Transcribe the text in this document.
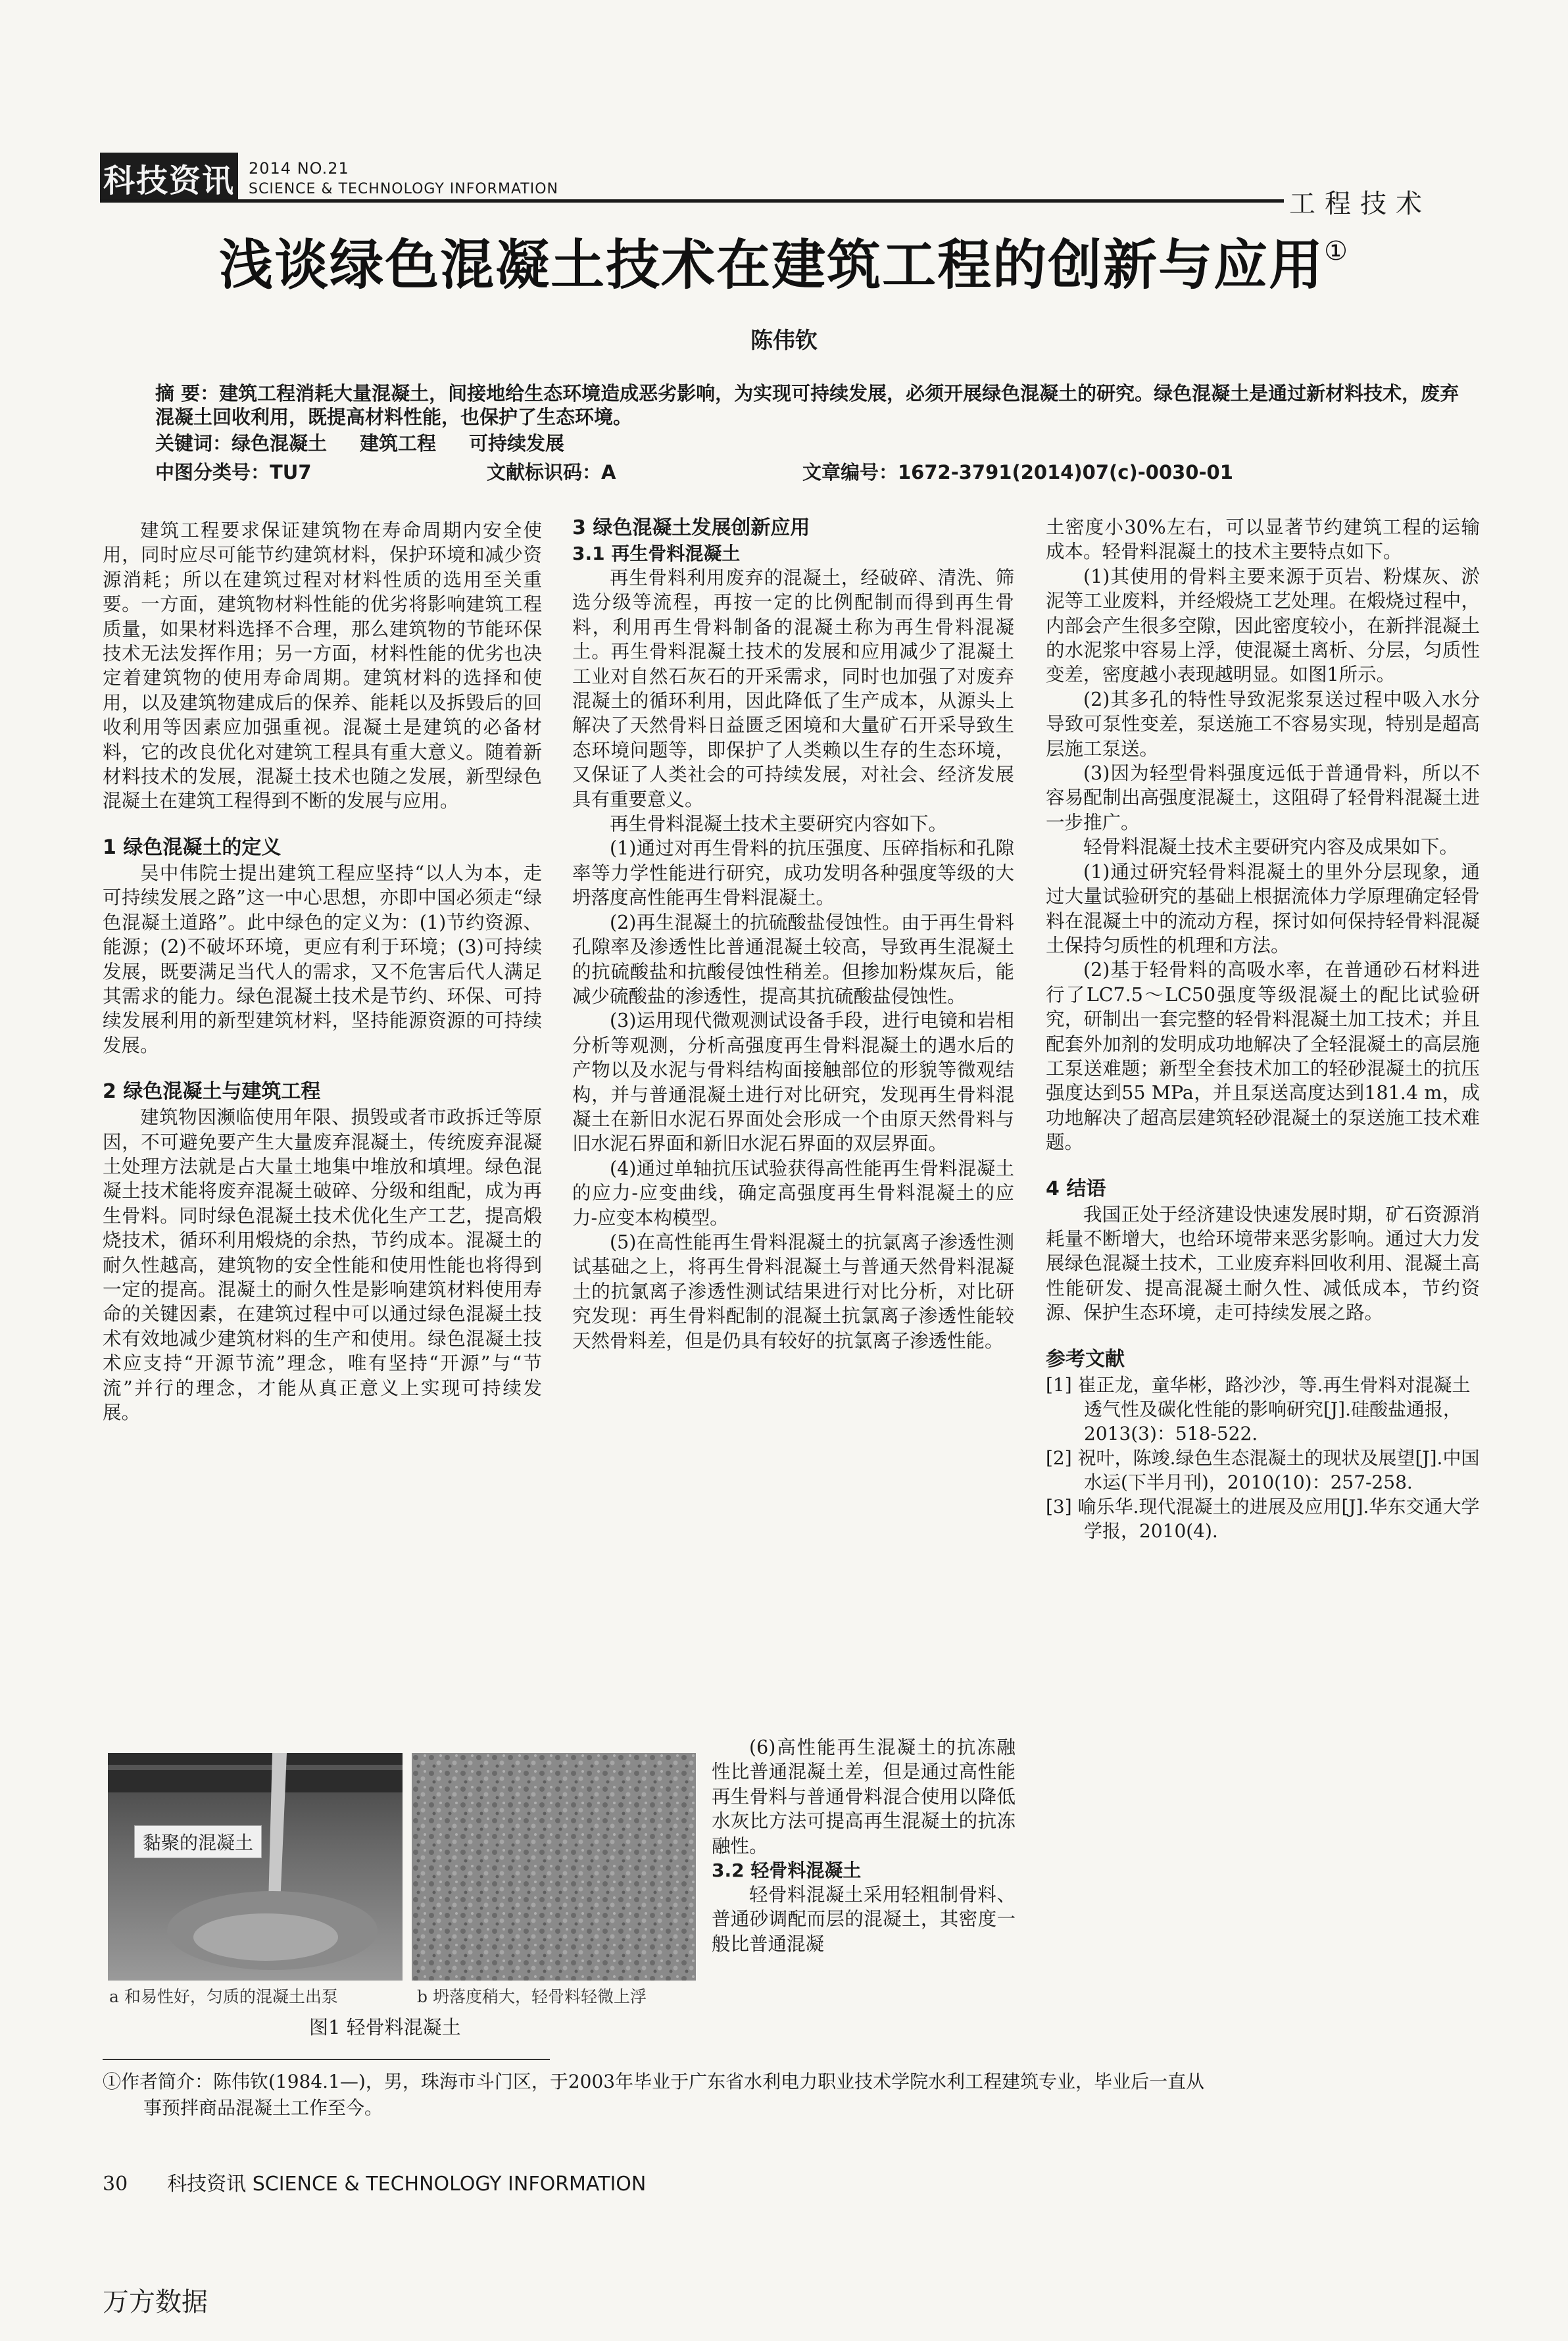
科技资讯 2014 NO.21
SCIENCE & TECHNOLOGY INFORMATION	工程技术
浅谈绿色混凝土技术在建筑工程的创新与应用①
陈伟钦
摘 要：建筑工程消耗大量混凝土，间接地给生态环境造成恶劣影响，为实现可持续发展，必须开展绿色混凝土的研究。绿色混凝土是通过新材料技术，废弃混凝土回收利用，既提高材料性能，也保护了生态环境。
关键词：绿色混凝土 建筑工程 可持续发展
中图分类号：TU7	文献标识码：A	文章编号：1672-3791(2014)07(c)-0030-01

建筑工程要求保证建筑物在寿命周期内安全使用，同时应尽可能节约建筑材料，保护环境和减少资源消耗；所以在建筑过程对材料性质的选用至关重要。一方面，建筑物材料性能的优劣将影响建筑工程质量，如果材料选择不合理，那么建筑物的节能环保技术无法发挥作用；另一方面，材料性能的优劣也决定着建筑物的使用寿命周期。建筑材料的选择和使用，以及建筑物建成后的保养、能耗以及拆毁后的回收利用等因素应加强重视。混凝土是建筑的必备材料，它的改良优化对建筑工程具有重大意义。随着新材料技术的发展，混凝土技术也随之发展，新型绿色混凝土在建筑工程得到不断的发展与应用。

1 绿色混凝土的定义

吴中伟院士提出建筑工程应坚持“以人为本，走可持续发展之路”这一中心思想，亦即中国必须走“绿色混凝土道路”。此中绿色的定义为：(1)节约资源、能源；(2)不破坏环境，更应有利于环境；(3)可持续发展，既要满足当代人的需求，又不危害后代人满足其需求的能力。绿色混凝土技术是节约、环保、可持续发展利用的新型建筑材料，坚持能源资源的可持续发展。

2 绿色混凝土与建筑工程

建筑物因濒临使用年限、损毁或者市政拆迁等原因，不可避免要产生大量废弃混凝土，传统废弃混凝土处理方法就是占大量土地集中堆放和填埋。绿色混凝土技术能将废弃混凝土破碎、分级和组配，成为再生骨料。同时绿色混凝土技术优化生产工艺，提高煅烧技术，循环利用煅烧的余热，节约成本。混凝土的耐久性越高，建筑物的安全性能和使用性能也将得到一定的提高。混凝土的耐久性是影响建筑材料使用寿命的关键因素，在建筑过程中可以通过绿色混凝土技术有效地减少建筑材料的生产和使用。绿色混凝土技术应支持“开源节流”理念，唯有坚持“开源”与“节流”并行的理念，才能从真正意义上实现可持续发展。

3 绿色混凝土发展创新应用
3.1 再生骨料混凝土

再生骨料利用废弃的混凝土，经破碎、清洗、筛选分级等流程，再按一定的比例配制而得到再生骨料，利用再生骨料制备的混凝土称为再生骨料混凝土。再生骨料混凝土技术的发展和应用减少了混凝土工业对自然石灰石的开采需求，同时也加强了对废弃混凝土的循环利用，因此降低了生产成本，从源头上解决了天然骨料日益匮乏困境和大量矿石开采导致生态环境问题等，即保护了人类赖以生存的生态环境，又保证了人类社会的可持续发展，对社会、经济发展具有重要意义。

再生骨料混凝土技术主要研究内容如下。

(1)通过对再生骨料的抗压强度、压碎指标和孔隙率等力学性能进行研究，成功发明各种强度等级的大坍落度高性能再生骨料混凝土。

(2)再生混凝土的抗硫酸盐侵蚀性。由于再生骨料孔隙率及渗透性比普通混凝土较高，导致再生混凝土的抗硫酸盐和抗酸侵蚀性稍差。但掺加粉煤灰后，能减少硫酸盐的渗透性，提高其抗硫酸盐侵蚀性。

(3)运用现代微观测试设备手段，进行电镜和岩相分析等观测，分析高强度再生骨料混凝土的遇水后的产物以及水泥与骨料结构面接触部位的形貌等微观结构，并与普通混凝土进行对比研究，发现再生骨料混凝土在新旧水泥石界面处会形成一个由原天然骨料与旧水泥石界面和新旧水泥石界面的双层界面。

(4)通过单轴抗压试验获得高性能再生骨料混凝土的应力-应变曲线，确定高强度再生骨料混凝土的应力-应变本构模型。

(5)在高性能再生骨料混凝土的抗氯离子渗透性测试基础之上，将再生骨料混凝土与普通天然骨料混凝土的抗氯离子渗透性测试结果进行对比分析，对比研究发现：再生骨料配制的混凝土抗氯离子渗透性能较天然骨料差，但是仍具有较好的抗氯离子渗透性能。

(6)高性能再生混凝土的抗冻融性比普通混凝土差，但是通过高性能再生骨料与普通骨料混合使用以降低水灰比方法可提高再生混凝土的抗冻融性。

3.2 轻骨料混凝土

轻骨料混凝土采用轻粗制骨料、普通砂调配而层的混凝土，其密度一般比普通混凝

土密度小30%左右，可以显著节约建筑工程的运输成本。轻骨料混凝土的技术主要特点如下。

(1)其使用的骨料主要来源于页岩、粉煤灰、淤泥等工业废料，并经煅烧工艺处理。在煅烧过程中，内部会产生很多空隙，因此密度较小，在新拌混凝土的水泥浆中容易上浮，使混凝土离析、分层，匀质性变差，密度越小表现越明显。如图1所示。

(2)其多孔的特性导致泥浆泵送过程中吸入水分导致可泵性变差，泵送施工不容易实现，特别是超高层施工泵送。

(3)因为轻型骨料强度远低于普通骨料，所以不容易配制出高强度混凝土，这阻碍了轻骨料混凝土进一步推广。

轻骨料混凝土技术主要研究内容及成果如下。

(1)通过研究轻骨料混凝土的里外分层现象，通过大量试验研究的基础上根据流体力学原理确定轻骨料在混凝土中的流动方程，探讨如何保持轻骨料混凝土保持匀质性的机理和方法。

(2)基于轻骨料的高吸水率，在普通砂石材料进行了LC7.5～LC50强度等级混凝土的配比试验研究，研制出一套完整的轻骨料混凝土加工技术；并且配套外加剂的发明成功地解决了全轻混凝土的高层施工泵送难题；新型全套技术加工的轻砂混凝土的抗压强度达到55 MPa，并且泵送高度达到181.4 m，成功地解决了超高层建筑轻砂混凝土的泵送施工技术难题。

4 结语

我国正处于经济建设快速发展时期，矿石资源消耗量不断增大，也给环境带来恶劣影响。通过大力发展绿色混凝土技术，工业废弃料回收利用、混凝土高性能研发、提高混凝土耐久性、减低成本，节约资源、保护生态环境，走可持续发展之路。

参考文献
[1] 崔正龙，童华彬，路沙沙，等.再生骨料对混凝土透气性及碳化性能的影响研究[J].硅酸盐通报，2013(3)：518-522.
[2] 祝叶，陈竣.绿色生态混凝土的现状及展望[J].中国水运(下半月刊)，2010(10)：257-258.
[3] 喻乐华.现代混凝土的进展及应用[J].华东交通大学学报，2010(4).
黏聚的混凝土
a 和易性好，匀质的混凝土出泵	b 坍落度稍大，轻骨料轻微上浮
图1 轻骨料混凝土
①作者简介：陈伟钦(1984.1—)，男，珠海市斗门区，于2003年毕业于广东省水利电力职业技术学院水利工程建筑专业，毕业后一直从
事预拌商品混凝土工作至今。
30 科技资讯 SCIENCE & TECHNOLOGY INFORMATION
万方数据
